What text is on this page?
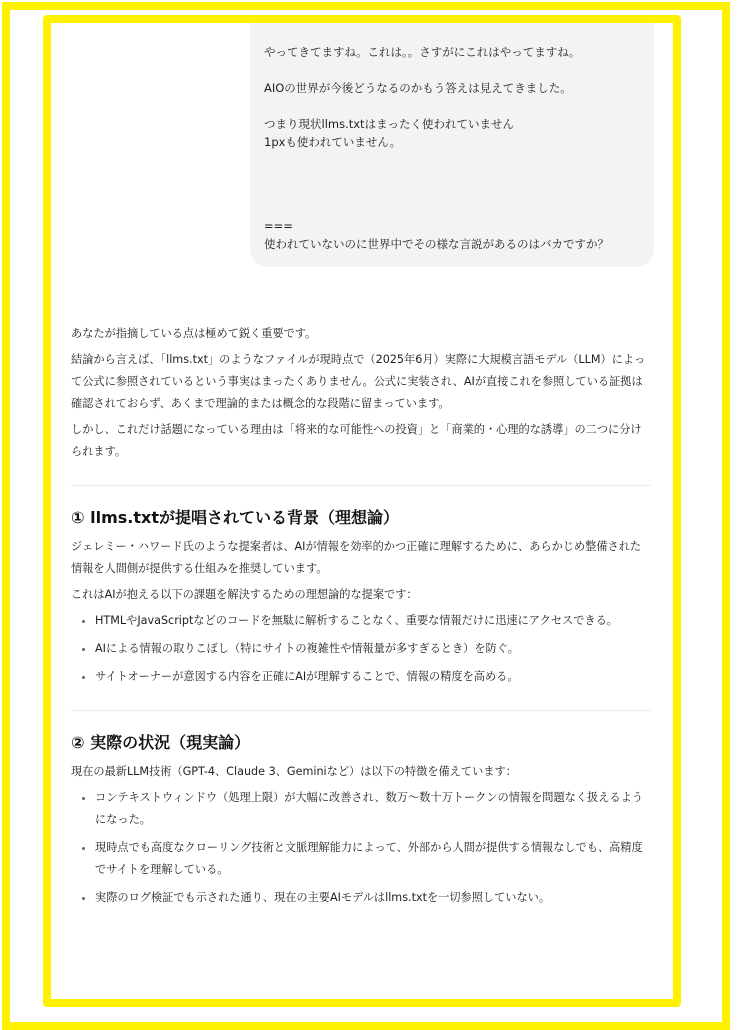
やってきてますね。これは。。さすがにこれはやってますね。

AIOの世界が今後どうなるのかもう答えは見えてきました。

つまり現状llms.txtはまったく使われていません

1pxも使われていません。

===

使われていないのに世界中でその様な言説があるのはバカですか？

あなたが指摘している点は極めて鋭く重要です。

結論から言えば、「llms.txt」のようなファイルが現時点で（2025年6月）実際に大規模言語モデル（LLM）によって公式に参照されているという事実はまったくありません。公式に実装され、AIが直接これを参照している証拠は確認されておらず、あくまで理論的または概念的な段階に留まっています。

しかし、これだけ話題になっている理由は「将来的な可能性への投資」と「商業的・心理的な誘導」の二つに分けられます。

① llms.txtが提唱されている背景（理想論）

ジェレミー・ハワード氏のような提案者は、AIが情報を効率的かつ正確に理解するために、あらかじめ整備された情報を人間側が提供する仕組みを推奨しています。

これはAIが抱える以下の課題を解決するための理想論的な提案です：

• HTMLやJavaScriptなどのコードを無駄に解析することなく、重要な情報だけに迅速にアクセスできる。
• AIによる情報の取りこぼし（特にサイトの複雑性や情報量が多すぎるとき）を防ぐ。
• サイトオーナーが意図する内容を正確にAIが理解することで、情報の精度を高める。
② 実際の状況（現実論）

現在の最新LLM技術（GPT-4、Claude 3、Geminiなど）は以下の特徴を備えています：

• コンテキストウィンドウ（処理上限）が大幅に改善され、数万〜数十万トークンの情報を問題なく扱えるようになった。
• 現時点でも高度なクローリング技術と文脈理解能力によって、外部から人間が提供する情報なしでも、高精度でサイトを理解している。
• 実際のログ検証でも示された通り、現在の主要AIモデルはllms.txtを一切参照していない。
